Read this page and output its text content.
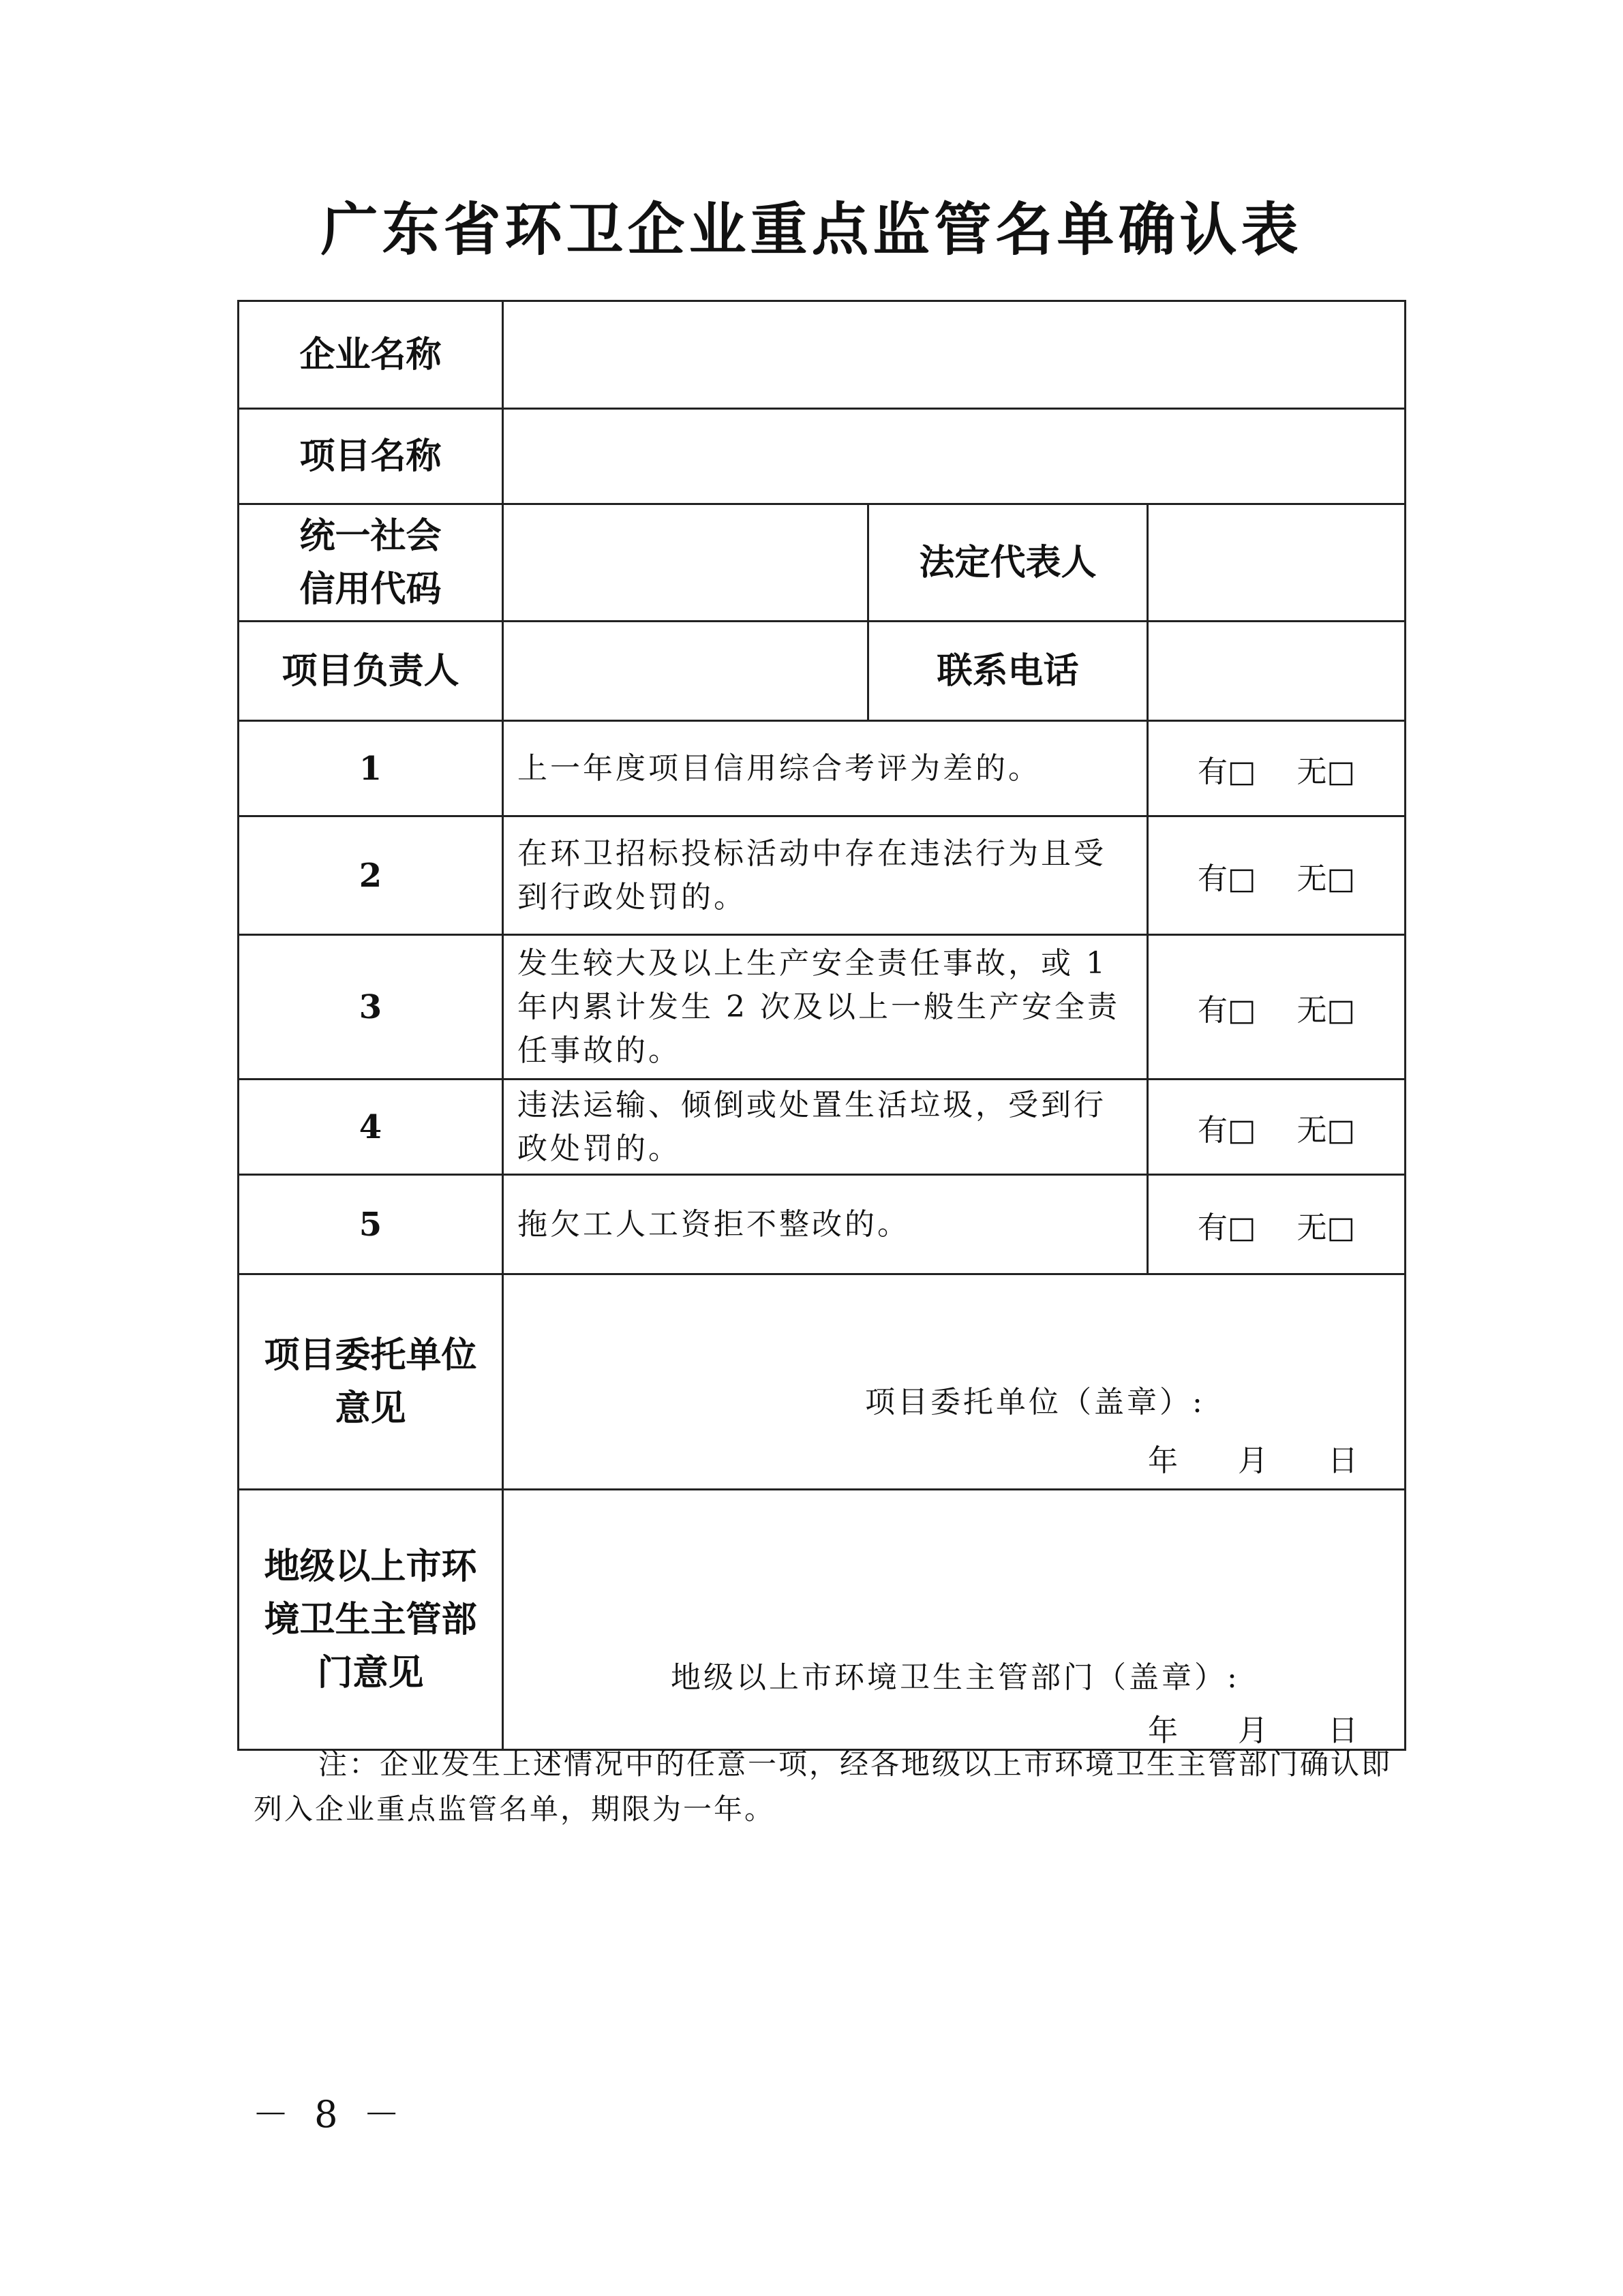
广东省环卫企业重点监管名单确认表
企业名称			
项目名称			
统一社会信用代码		法定代表人	
项目负责人		联系电话	
1	上一年度项目信用综合考评为差的。		有□ 无□
2	在环卫招标投标活动中存在违法行为且受到行政处罚的。		有□ 无□
3	发生较大及以上生产安全责任事故，或 1 年内累计发生 2 次及以上一般生产安全责任事故的。		有□ 无□
4	违法运输、倾倒或处置生活垃圾，受到行政处罚的。		有□ 无□
5	拖欠工人工资拒不整改的。		有□ 无□
项目委托单位意见	项目委托单位（盖章）:
年 月 日		

地级以上市环境卫生主管部门意见	地级以上市环境卫生主管部门（盖章）:
年 月 日		
注：企业发生上述情况中的任意一项，经各地级以上市环境卫生主管部门确认即列入企业重点监管名单，期限为一年。
－ 8 －
